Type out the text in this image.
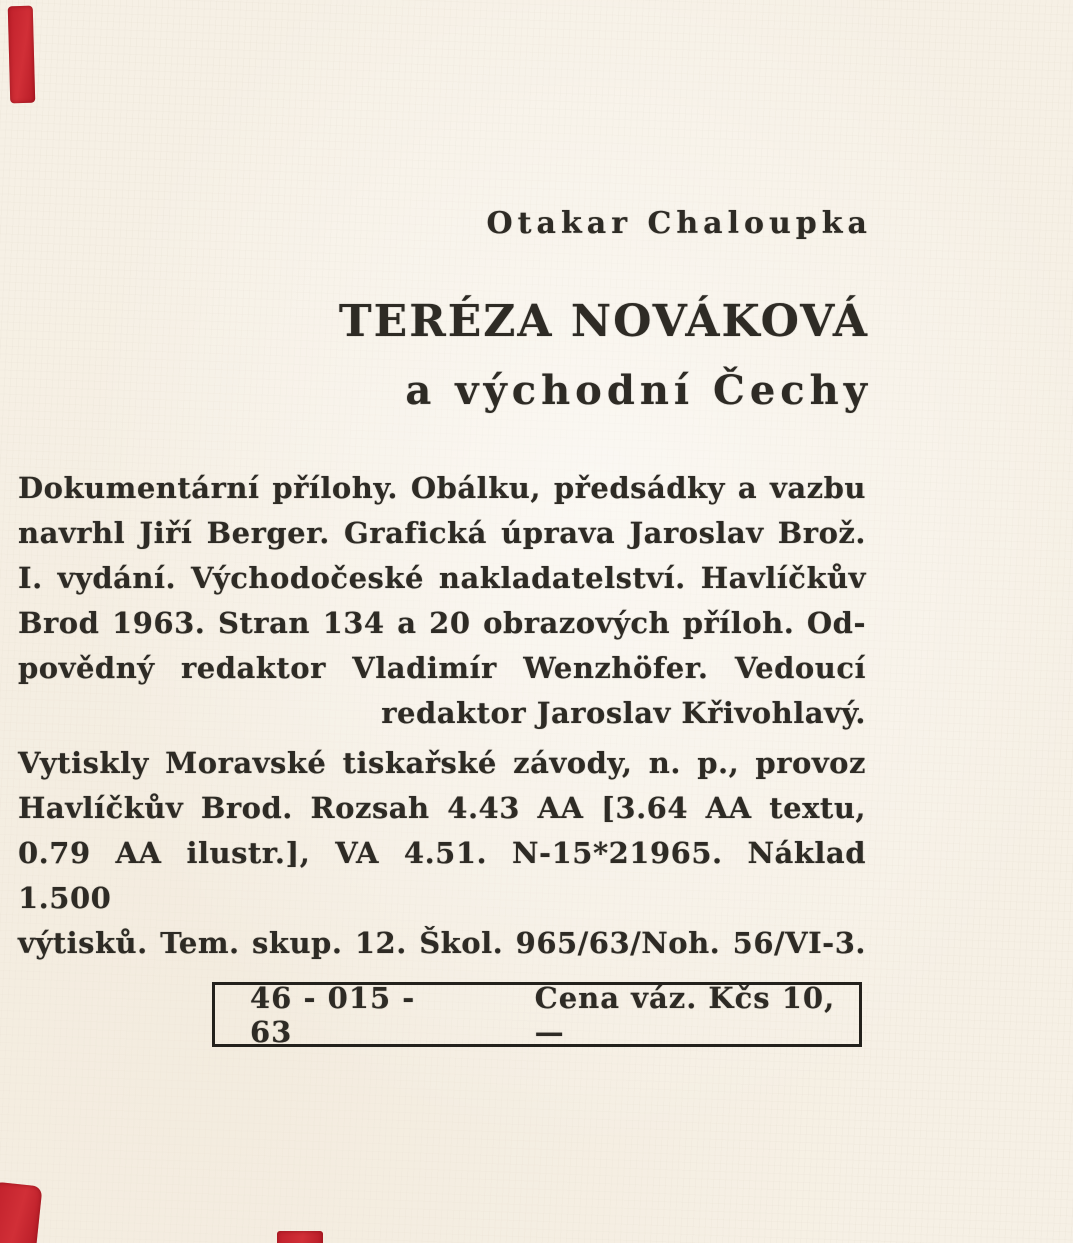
Otakar Chaloupka
TERÉZA NOVÁKOVÁ
a východní Čechy
Dokumentární přílohy. Obálku, předsádky a vazbu
navrhl Jiří Berger. Grafická úprava Jaroslav Brož.
I. vydání. Východočeské nakladatelství. Havlíčkův
Brod 1963. Stran 134 a 20 obrazových příloh. Od-
povědný redaktor Vladimír Wenzhöfer. Vedoucí
redaktor Jaroslav Křivohlavý.
Vytiskly Moravské tiskařské závody, n. p., provoz
Havlíčkův Brod. Rozsah 4.43 AA [3.64 AA textu,
0.79 AA ilustr.], VA 4.51. N-15*21965. Náklad 1.500
výtisků. Tem. skup. 12. Škol. 965/63/Noh. 56/VI-3.
46 - 015 - 63
Cena váz. Kčs 10,—
